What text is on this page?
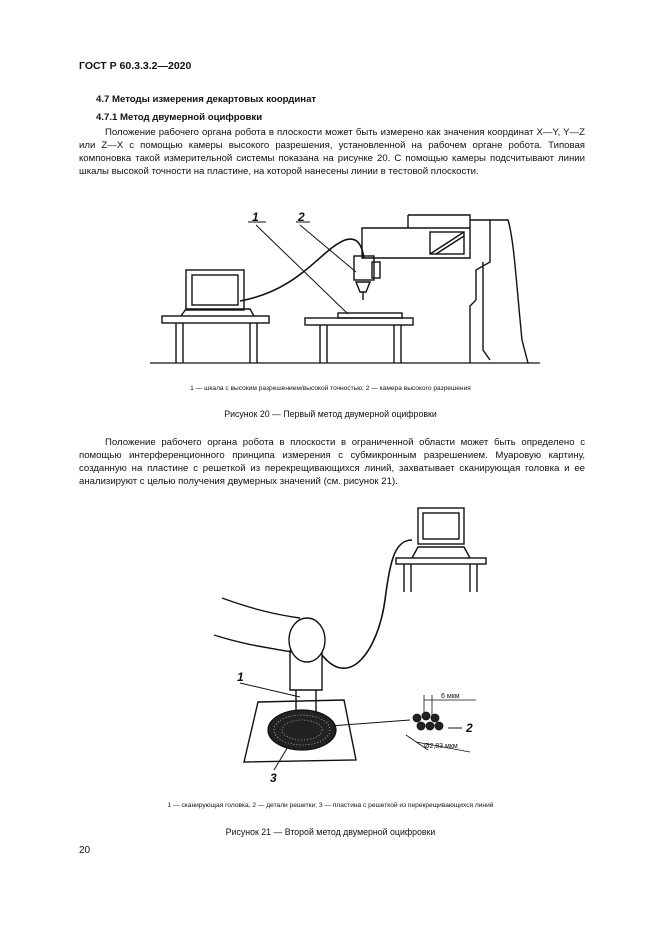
ГОСТ Р 60.3.3.2—2020
4.7 Методы измерения декартовых координат
4.7.1 Метод двумерной оцифровки
Положение рабочего органа робота в плоскости может быть измерено как значения координат X—Y, Y—Z или Z—X с помощью камеры высокого разрешения, установленной на рабочем органе робота. Типовая компоновка такой измерительной системы показана на рисунке 20. С помощью камеры подсчитывают линии шкалы высокой точности на пластине, на которой нанесены линии в тестовой плоскости.
1	2
1
2
3
6 мкм
Ø2,83 мкм
1 — шкала с высоким разрешением/высокой точностью; 2 — камера высокого разрешения
Рисунок 20 — Первый метод двумерной оцифровки
Положение рабочего органа робота в плоскости в ограниченной области может быть определено с помощью интерференционного принципа измерения с субмикронным разрешением. Муаровую картину, созданную на пластине с решеткой из перекрещивающихся линий, захватывает сканирующая головка и ее анализируют с целью получения двумерных значений (см. рисунок 21).
1 — сканирующая головка, 2 — детали решетки; 3 — пластина с решеткой из перекрещивающихся линий
Рисунок 21 — Второй метод двумерной оцифровки
20
